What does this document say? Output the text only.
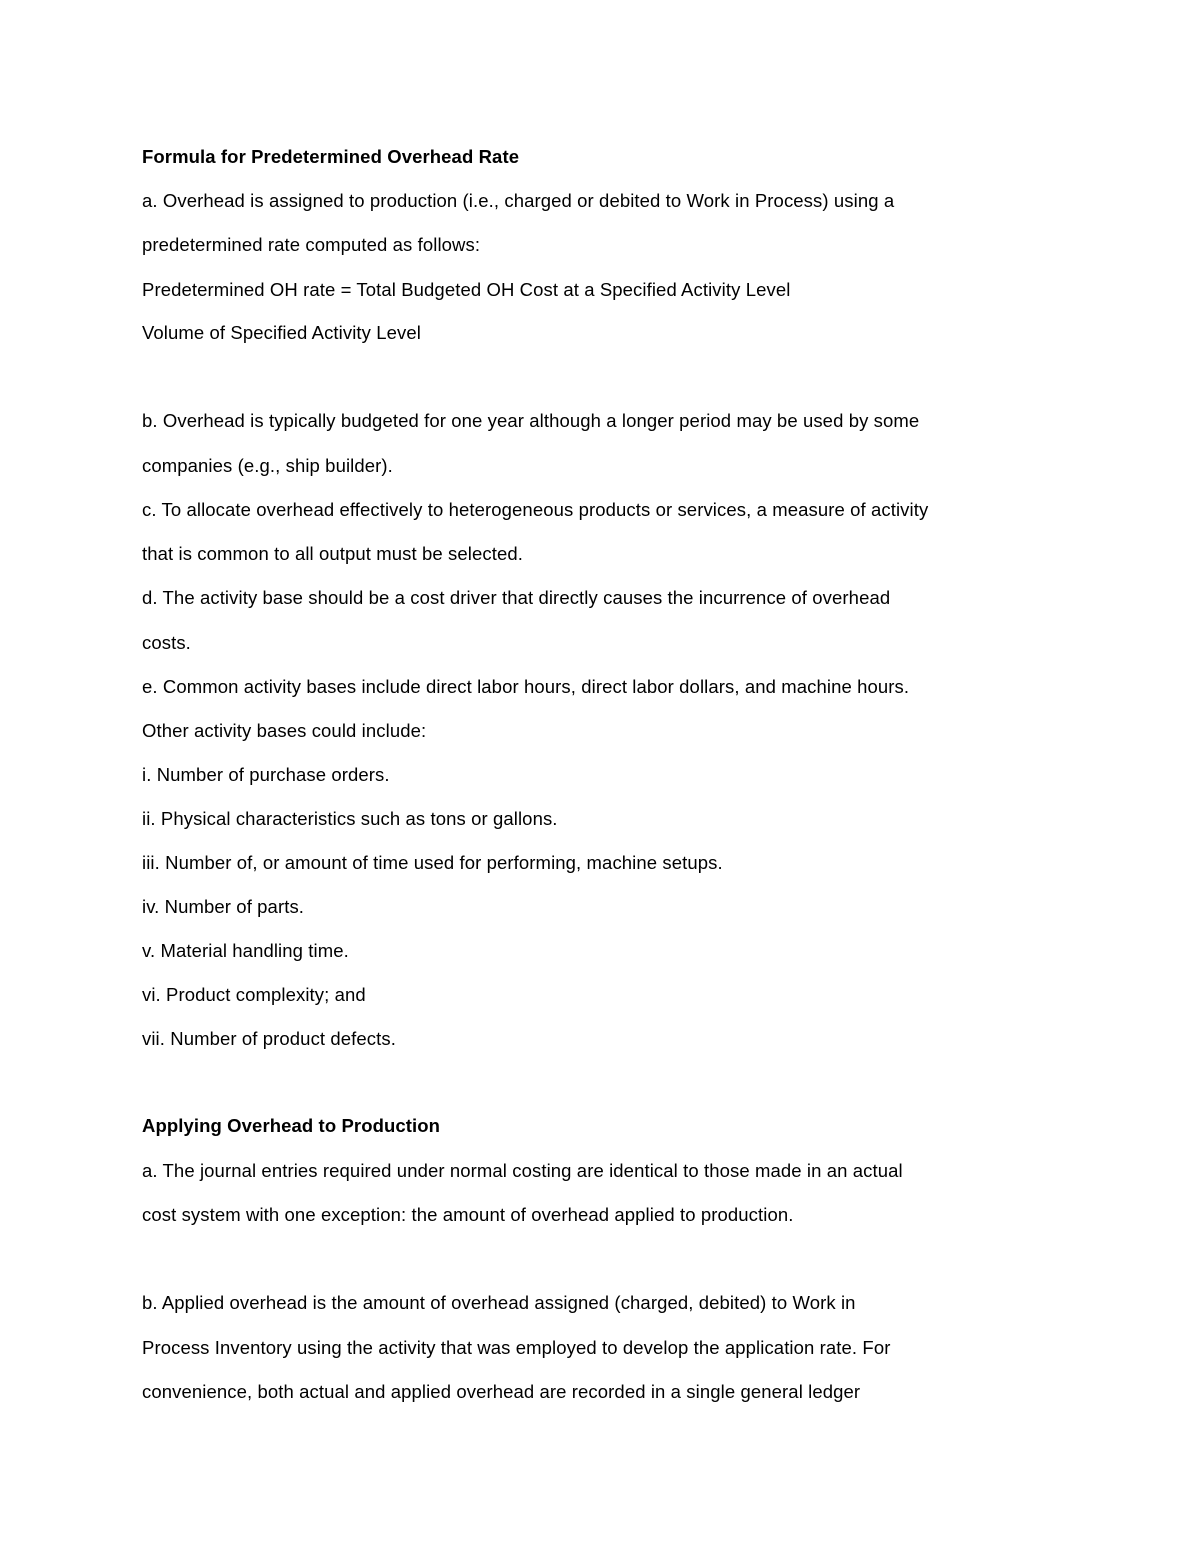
Formula for Predetermined Overhead Rate
a. Overhead is assigned to production (i.e., charged or debited to Work in Process) using a
predetermined rate computed as follows:
Predetermined OH rate = Total Budgeted OH Cost at a Specified Activity Level
Volume of Specified Activity Level
b. Overhead is typically budgeted for one year although a longer period may be used by some
companies (e.g., ship builder).
c. To allocate overhead effectively to heterogeneous products or services, a measure of activity
that is common to all output must be selected.
d. The activity base should be a cost driver that directly causes the incurrence of overhead
costs.
e. Common activity bases include direct labor hours, direct labor dollars, and machine hours.
Other activity bases could include:
i. Number of purchase orders.
ii. Physical characteristics such as tons or gallons.
iii. Number of, or amount of time used for performing, machine setups.
iv. Number of parts.
v. Material handling time.
vi. Product complexity; and
vii. Number of product defects.
Applying Overhead to Production
a. The journal entries required under normal costing are identical to those made in an actual
cost system with one exception: the amount of overhead applied to production.
b. Applied overhead is the amount of overhead assigned (charged, debited) to Work in
Process Inventory using the activity that was employed to develop the application rate. For
convenience, both actual and applied overhead are recorded in a single general ledger
